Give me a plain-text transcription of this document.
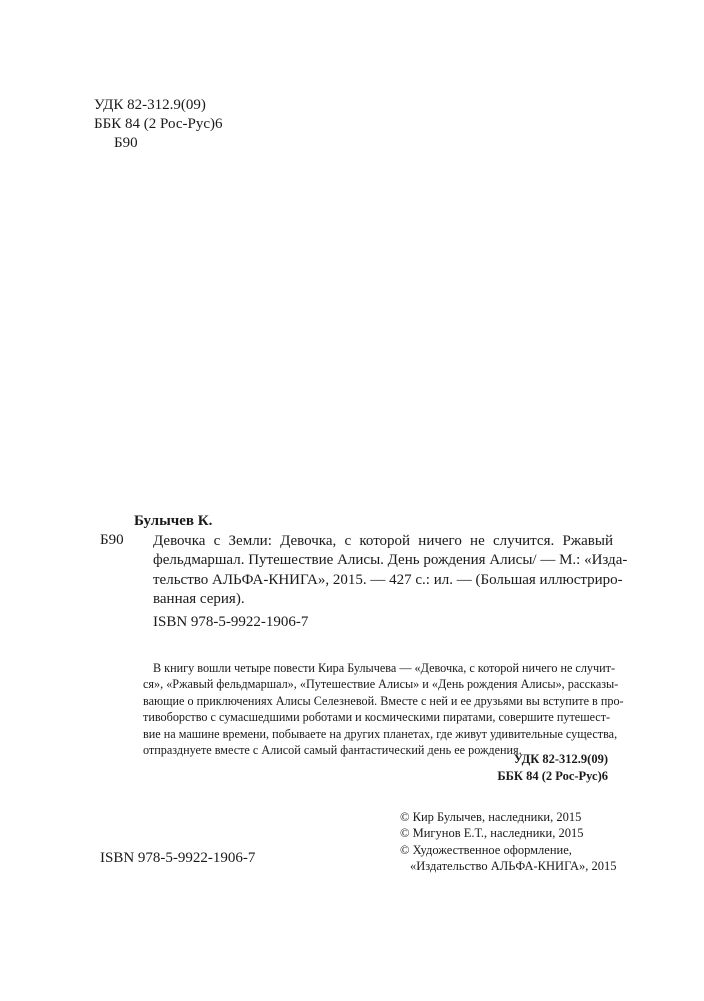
УДК 82-312.9(09)
ББК 84 (2 Рос-Рус)6
Б90
Булычев К.
Б90 Девочка с Земли: Девочка, с которой ничего не случится. Ржавый
фельдмаршал. Путешествие Алисы. День рождения Алисы/ — М.: «Изда-
тельство АЛЬФА-КНИГА», 2015. — 427 с.: ил. — (Большая иллюстриро-
ванная серия).
ISBN 978-5-9922-1906-7
В книгу вошли четыре повести Кира Булычева — «Девочка, с которой ничего не случит-
ся», «Ржавый фельдмаршал», «Путешествие Алисы» и «День рождения Алисы», рассказы-
вающие о приключениях Алисы Селезневой. Вместе с ней и ее друзьями вы вступите в про-
тивоборство с сумасшедшими роботами и космическими пиратами, совершите путешест-
вие на машине времени, побываете на других планетах, где живут удивительные существа,
отпразднуете вместе с Алисой самый фантастический день ее рождения.
УДК 82-312.9(09)
ББК 84 (2 Рос-Рус)6
© Кир Булычев, наследники, 2015
© Мигунов Е.Т., наследники, 2015
© Художественное оформление,
«Издательство АЛЬФА-КНИГА», 2015
ISBN 978-5-9922-1906-7
